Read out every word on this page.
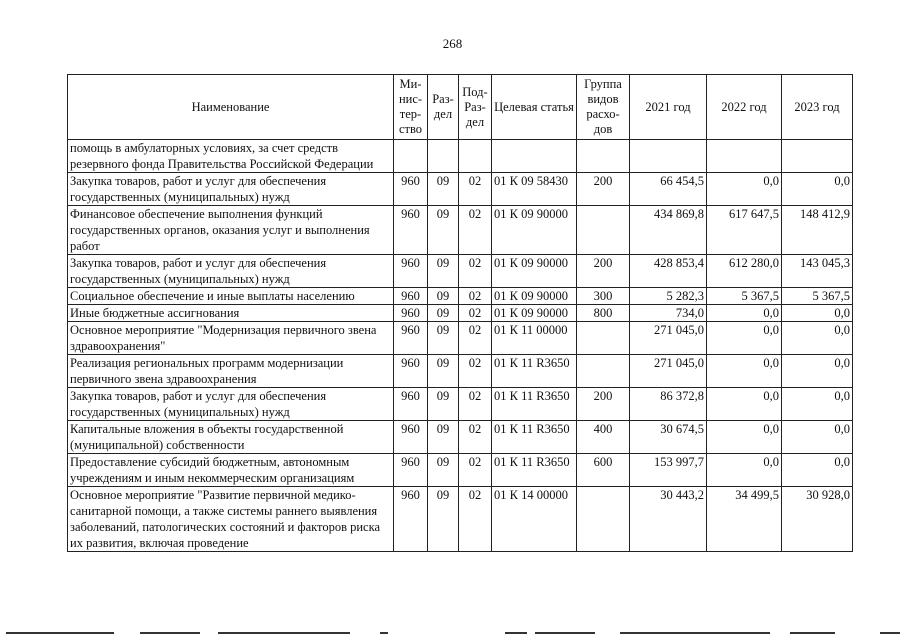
268
Наименование	Ми-нис-тер-ство	Раз-дел	Под-Раз-дел	Целевая статья	Группа видов расхо-дов	2021 год	2022 год	2023 год
помощь в амбулаторных условиях, за счет средств резервного фонда Правительства Российской Федерации								
Закупка товаров, работ и услуг для обеспечения государственных (муниципальных) нужд	960	09	02	01 К 09 58430	200	66 454,5	0,0	0,0
Финансовое обеспечение выполнения функций государственных органов, оказания услуг и выполнения работ	960	09	02	01 К 09 90000		434 869,8	617 647,5	148 412,9
Закупка товаров, работ и услуг для обеспечения государственных (муниципальных) нужд	960	09	02	01 К 09 90000	200	428 853,4	612 280,0	143 045,3
Социальное обеспечение и иные выплаты населению	960	09	02	01 К 09 90000	300	5 282,3	5 367,5	5 367,5
Иные бюджетные ассигнования	960	09	02	01 К 09 90000	800	734,0	0,0	0,0
Основное мероприятие "Модернизация первичного звена здравоохранения"	960	09	02	01 К 11 00000		271 045,0	0,0	0,0
Реализация региональных программ модернизации первичного звена здравоохранения	960	09	02	01 К 11 R3650		271 045,0	0,0	0,0
Закупка товаров, работ и услуг для обеспечения государственных (муниципальных) нужд	960	09	02	01 К 11 R3650	200	86 372,8	0,0	0,0
Капитальные вложения в объекты государственной (муниципальной) собственности	960	09	02	01 К 11 R3650	400	30 674,5	0,0	0,0
Предоставление субсидий бюджетным, автономным учреждениям и иным некоммерческим организациям	960	09	02	01 К 11 R3650	600	153 997,7	0,0	0,0
Основное мероприятие "Развитие первичной медико-санитарной помощи, а также системы раннего выявления заболеваний, патологических состояний и факторов риска их развития, включая проведение	960	09	02	01 К 14 00000		30 443,2	34 499,5	30 928,0
